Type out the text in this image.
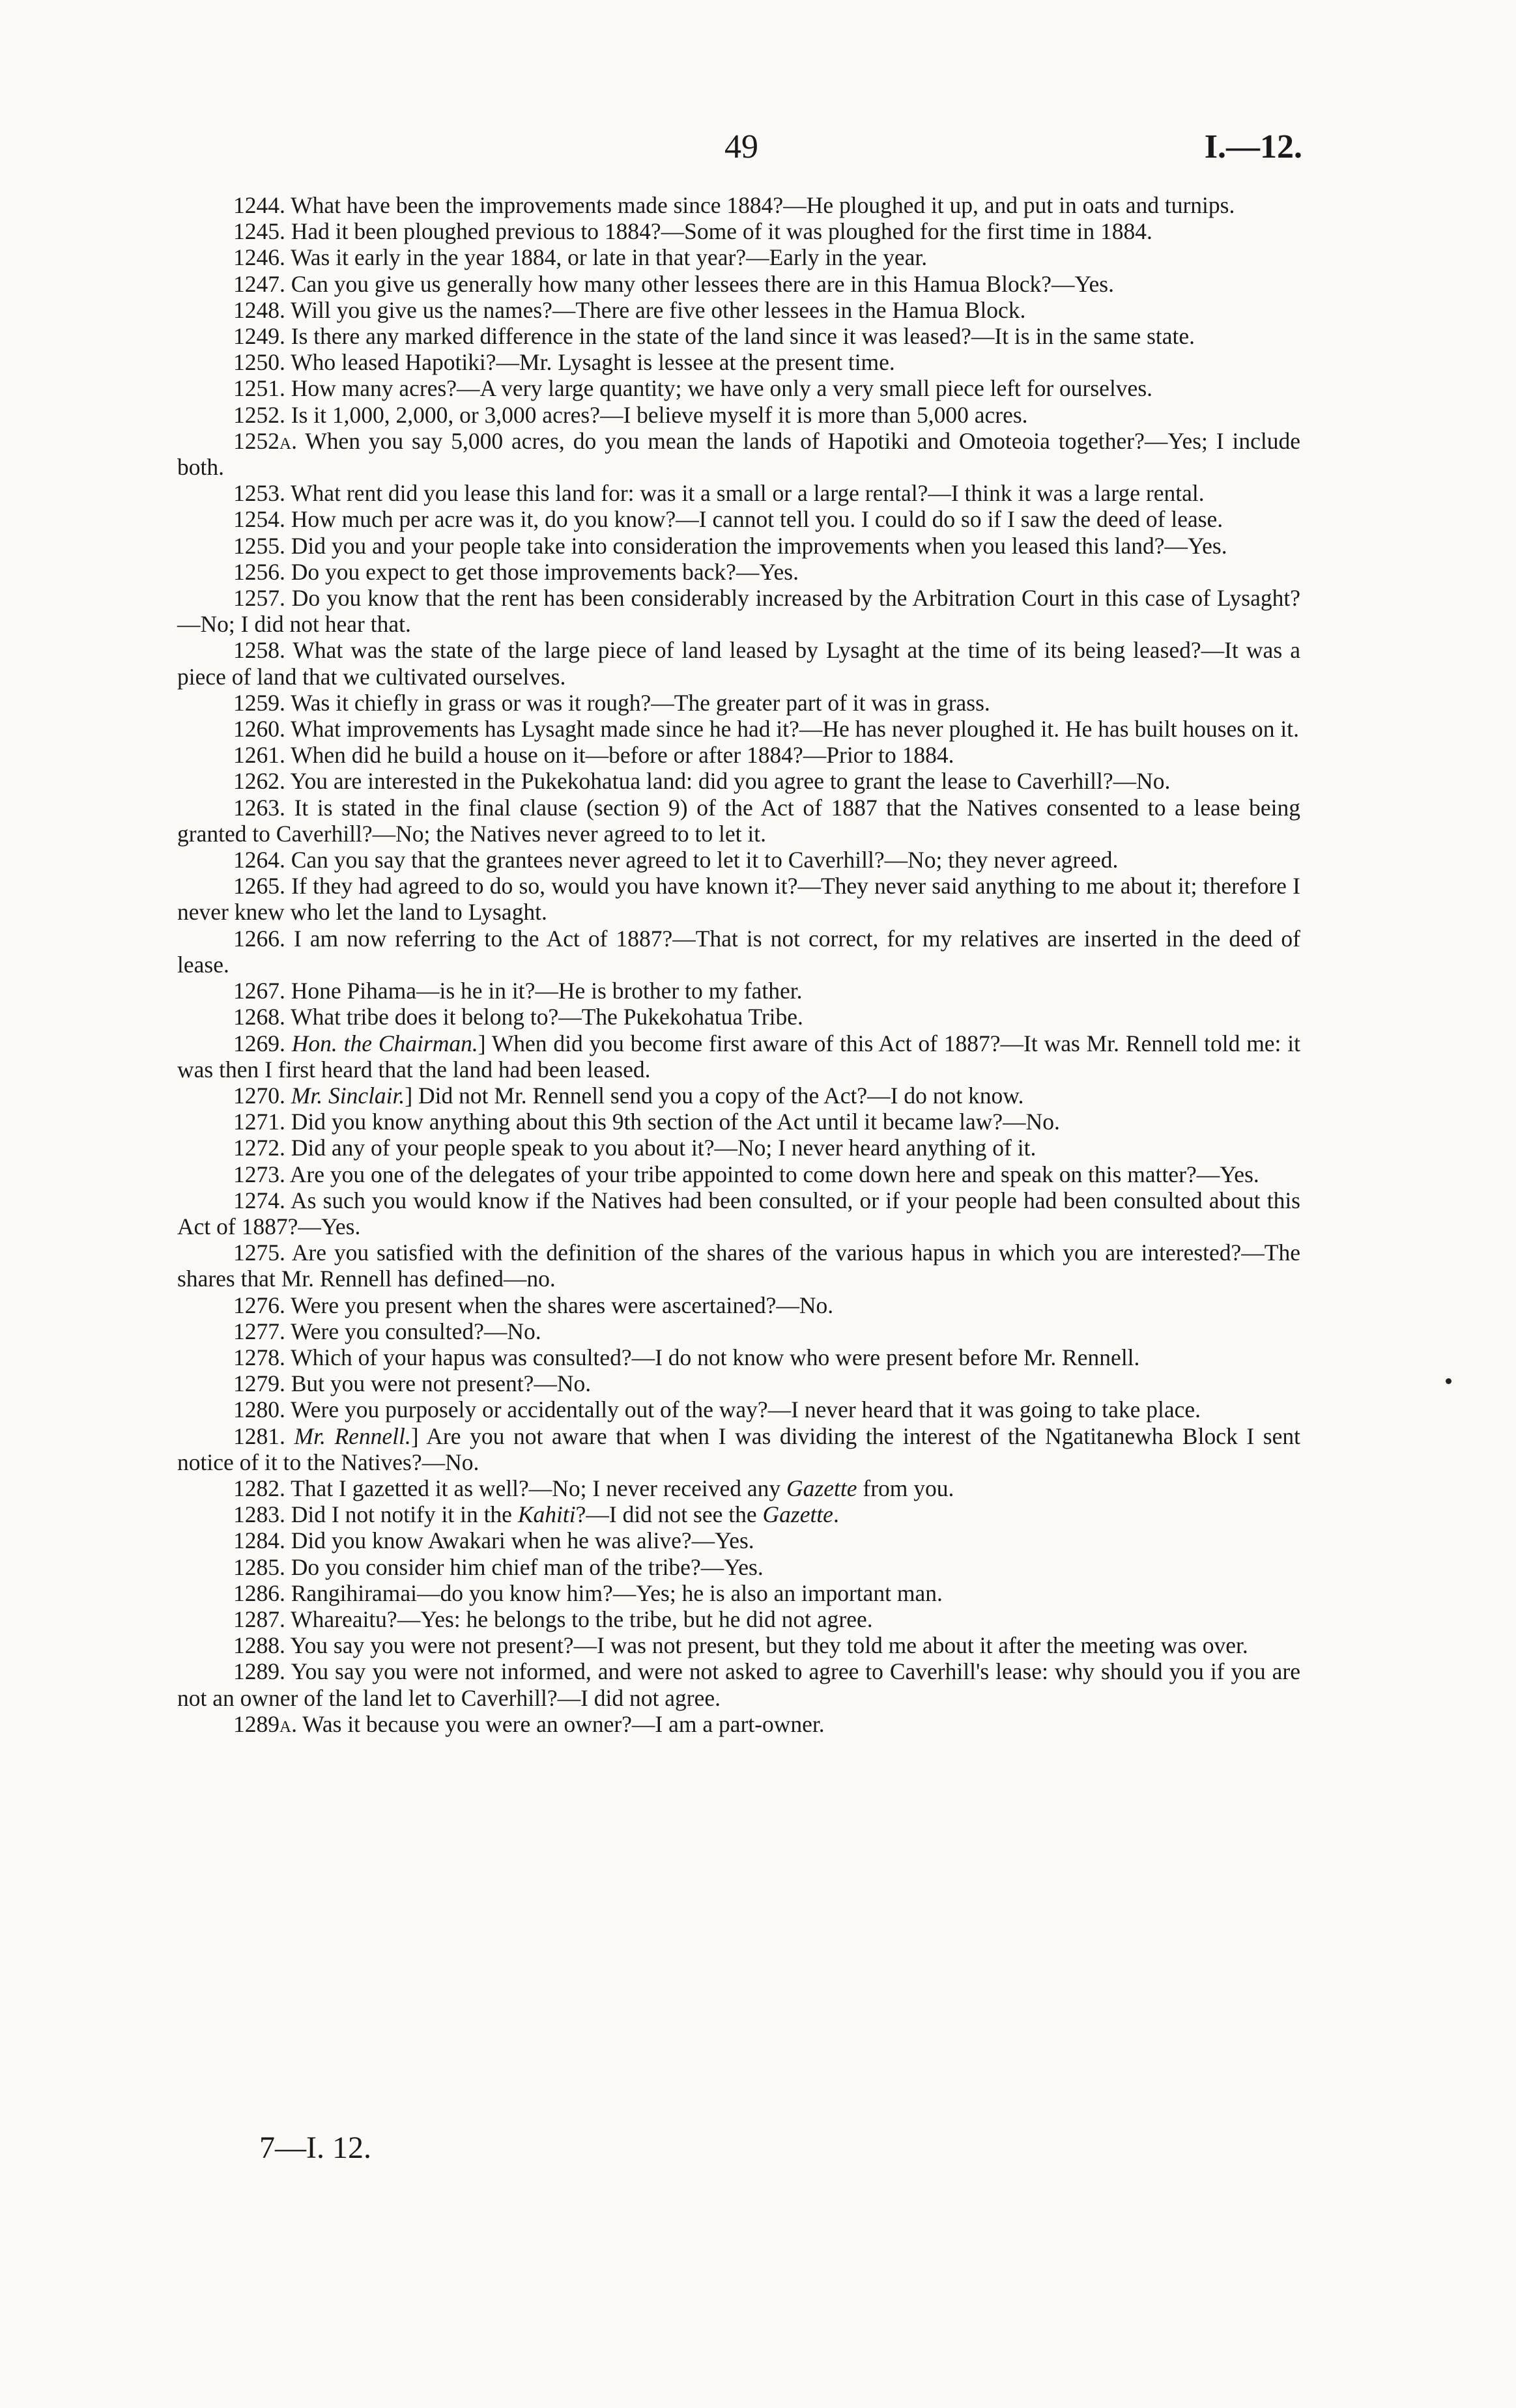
49	I.—12.

1244. What have been the improvements made since 1884?—He ploughed it up, and put in oats and turnips.

1245. Had it been ploughed previous to 1884?—Some of it was ploughed for the first time in 1884.

1246. Was it early in the year 1884, or late in that year?—Early in the year.

1247. Can you give us generally how many other lessees there are in this Hamua Block?—Yes.

1248. Will you give us the names?—There are five other lessees in the Hamua Block.

1249. Is there any marked difference in the state of the land since it was leased?—It is in the same state.

1250. Who leased Hapotiki?—Mr. Lysaght is lessee at the present time.

1251. How many acres?—A very large quantity; we have only a very small piece left for ourselves.

1252. Is it 1,000, 2,000, or 3,000 acres?—I believe myself it is more than 5,000 acres.

1252a. When you say 5,000 acres, do you mean the lands of Hapotiki and Omoteoia together?—Yes; I include both.

1253. What rent did you lease this land for: was it a small or a large rental?—I think it was a large rental.

1254. How much per acre was it, do you know?—I cannot tell you. I could do so if I saw the deed of lease.

1255. Did you and your people take into consideration the improvements when you leased this land?—Yes.

1256. Do you expect to get those improvements back?—Yes.

1257. Do you know that the rent has been considerably increased by the Arbitration Court in this case of Lysaght?—No; I did not hear that.

1258. What was the state of the large piece of land leased by Lysaght at the time of its being leased?—It was a piece of land that we cultivated ourselves.

1259. Was it chiefly in grass or was it rough?—The greater part of it was in grass.

1260. What improvements has Lysaght made since he had it?—He has never ploughed it. He has built houses on it.

1261. When did he build a house on it—before or after 1884?—Prior to 1884.

1262. You are interested in the Pukekohatua land: did you agree to grant the lease to Caverhill?—No.

1263. It is stated in the final clause (section 9) of the Act of 1887 that the Natives consented to a lease being granted to Caverhill?—No; the Natives never agreed to to let it.

1264. Can you say that the grantees never agreed to let it to Caverhill?—No; they never agreed.

1265. If they had agreed to do so, would you have known it?—They never said anything to me about it; therefore I never knew who let the land to Lysaght.

1266. I am now referring to the Act of 1887?—That is not correct, for my relatives are inserted in the deed of lease.

1267. Hone Pihama—is he in it?—He is brother to my father.

1268. What tribe does it belong to?—The Pukekohatua Tribe.

1269. Hon. the Chairman.] When did you become first aware of this Act of 1887?—It was Mr. Rennell told me: it was then I first heard that the land had been leased.

1270. Mr. Sinclair.] Did not Mr. Rennell send you a copy of the Act?—I do not know.

1271. Did you know anything about this 9th section of the Act until it became law?—No.

1272. Did any of your people speak to you about it?—No; I never heard anything of it.

1273. Are you one of the delegates of your tribe appointed to come down here and speak on this matter?—Yes.

1274. As such you would know if the Natives had been consulted, or if your people had been consulted about this Act of 1887?—Yes.

1275. Are you satisfied with the definition of the shares of the various hapus in which you are interested?—The shares that Mr. Rennell has defined—no.

1276. Were you present when the shares were ascertained?—No.

1277. Were you consulted?—No.

1278. Which of your hapus was consulted?—I do not know who were present before Mr. Rennell.

1279. But you were not present?—No.

1280. Were you purposely or accidentally out of the way?—I never heard that it was going to take place.

1281. Mr. Rennell.] Are you not aware that when I was dividing the interest of the Ngatitanewha Block I sent notice of it to the Natives?—No.

1282. That I gazetted it as well?—No; I never received any Gazette from you.

1283. Did I not notify it in the Kahiti?—I did not see the Gazette.

1284. Did you know Awakari when he was alive?—Yes.

1285. Do you consider him chief man of the tribe?—Yes.

1286. Rangihiramai—do you know him?—Yes; he is also an important man.

1287. Whareaitu?—Yes: he belongs to the tribe, but he did not agree.

1288. You say you were not present?—I was not present, but they told me about it after the meeting was over.

1289. You say you were not informed, and were not asked to agree to Caverhill's lease: why should you if you are not an owner of the land let to Caverhill?—I did not agree.

1289a. Was it because you were an owner?—I am a part-owner.

7—I. 12.
